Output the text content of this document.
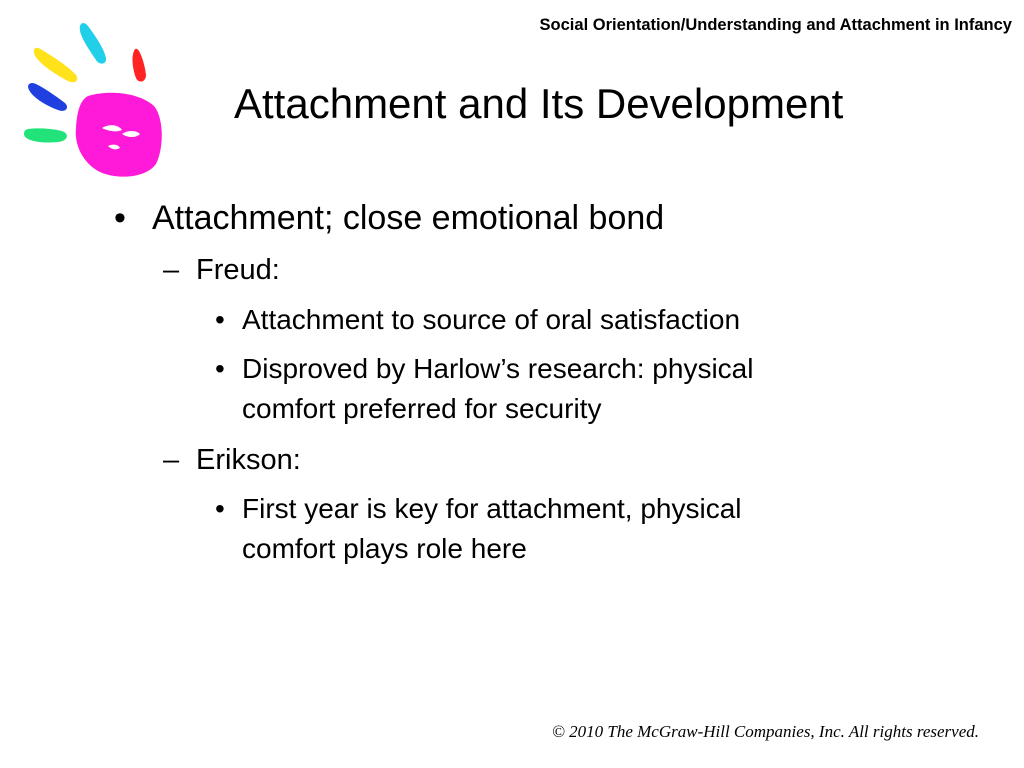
Social Orientation/Understanding and Attachment in Infancy
Attachment and Its Development
• Attachment; close emotional bond
– Freud:
• Attachment to source of oral satisfaction
• Disproved by Harlow’s research: physical
comfort preferred for security
– Erikson:
• First year is key for attachment, physical
comfort plays role here
© 2010 The McGraw-Hill Companies, Inc. All rights reserved.
